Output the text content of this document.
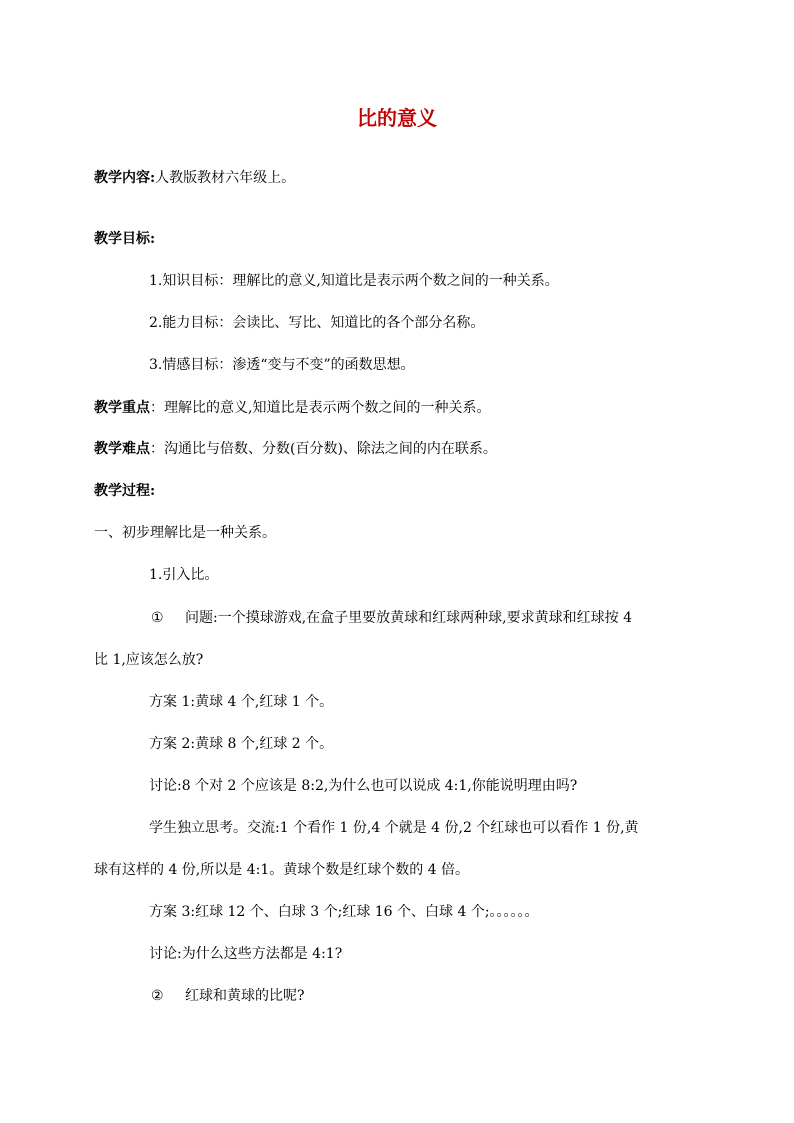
比的意义
教学内容:人教版教材六年级上。
教学目标:
1.知识目标：理解比的意义,知道比是表示两个数之间的一种关系。
2.能力目标：会读比、写比、知道比的各个部分名称。
3.情感目标：渗透“变与不变”的函数思想。
教学重点：理解比的意义,知道比是表示两个数之间的一种关系。
教学难点：沟通比与倍数、分数(百分数)、除法之间的内在联系。
教学过程:
一、初步理解比是一种关系。
1.引入比。
① 问题:一个摸球游戏,在盒子里要放黄球和红球两种球,要求黄球和红球按 4
比 1,应该怎么放?
方案 1:黄球 4 个,红球 1 个。
方案 2:黄球 8 个,红球 2 个。
讨论:8 个对 2 个应该是 8:2,为什么也可以说成 4:1,你能说明理由吗?
学生独立思考。交流:1 个看作 1 份,4 个就是 4 份,2 个红球也可以看作 1 份,黄
球有这样的 4 份,所以是 4:1。黄球个数是红球个数的 4 倍。
方案 3:红球 12 个、白球 3 个;红球 16 个、白球 4 个;。。。。。。
讨论:为什么这些方法都是 4:1?
② 红球和黄球的比呢?
